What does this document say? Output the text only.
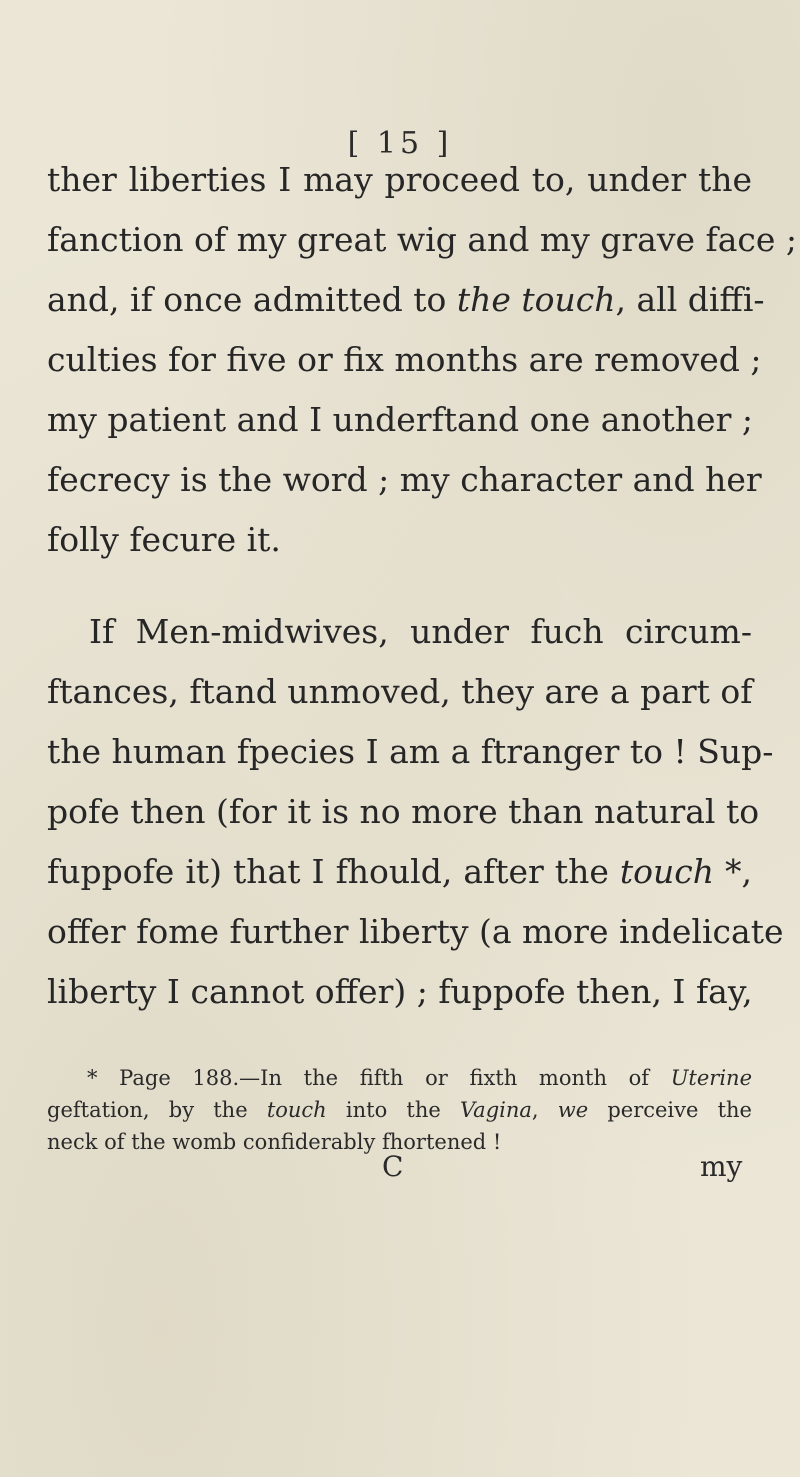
[ 15 ]
ther liberties I may proceed to, under the
fanction of my great wig and my grave face ;
and, if once admitted to the touch, all diffi-
culties for five or fix months are removed ;
my patient and I underftand one another ;
fecrecy is the word ; my character and her
folly fecure it.
If Men-midwives, under fuch circum-
ftances, ftand unmoved, they are a part of
the human fpecies I am a ftranger to ! Sup-
pofe then (for it is no more than natural to
fuppofe it) that I fhould, after the touch *,
offer fome further liberty (a more indelicate
liberty I cannot offer) ; fuppofe then, I fay,
* Page 188.—In the fifth or fixth month of Uterine
geftation, by the touch into the Vagina, we perceive the
neck of the womb confiderably fhortened !
C	my
